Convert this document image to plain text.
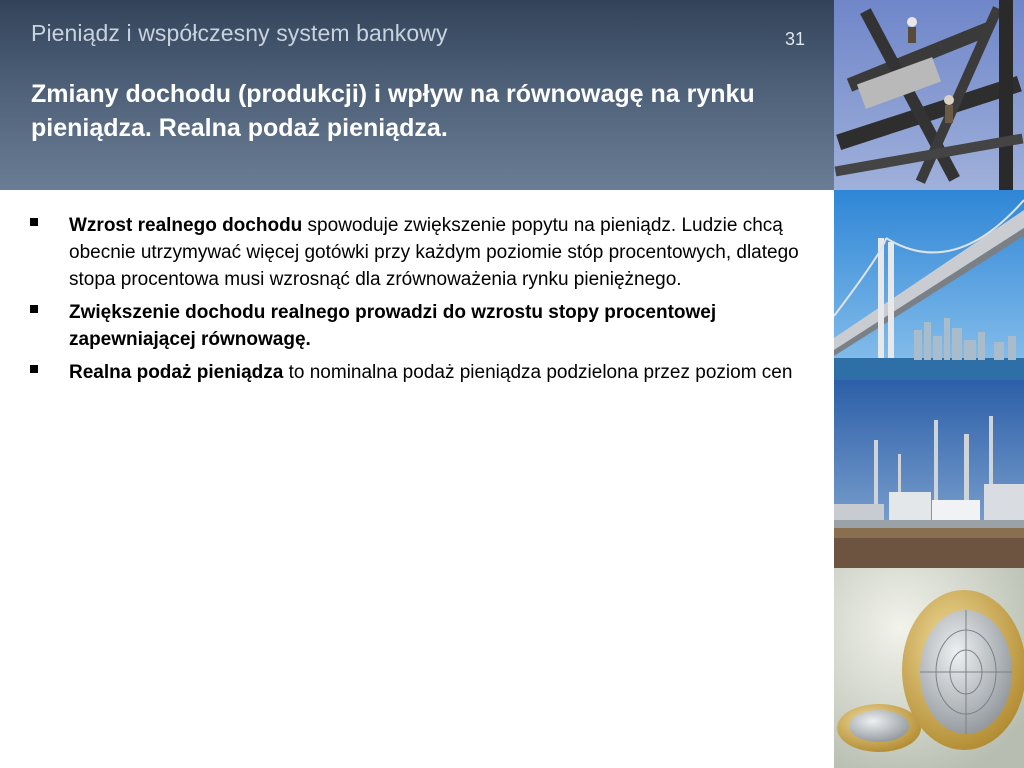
Pieniądz i współczesny system bankowy	31
Zmiany dochodu (produkcji) i wpływ na równowagę na rynku pieniądza. Realna podaż pieniądza.
Wzrost realnego dochodu spowoduje zwiększenie popytu na pieniądz. Ludzie chcą obecnie utrzymywać więcej gotówki przy każdym poziomie stóp procentowych, dlatego stopa procentowa musi wzrosnąć dla zrównoważenia rynku pieniężnego.
Zwiększenie dochodu realnego prowadzi do wzrostu stopy procentowej zapewniającej równowagę.
Realna podaż pieniądza to nominalna podaż pieniądza podzielona przez poziom cen
